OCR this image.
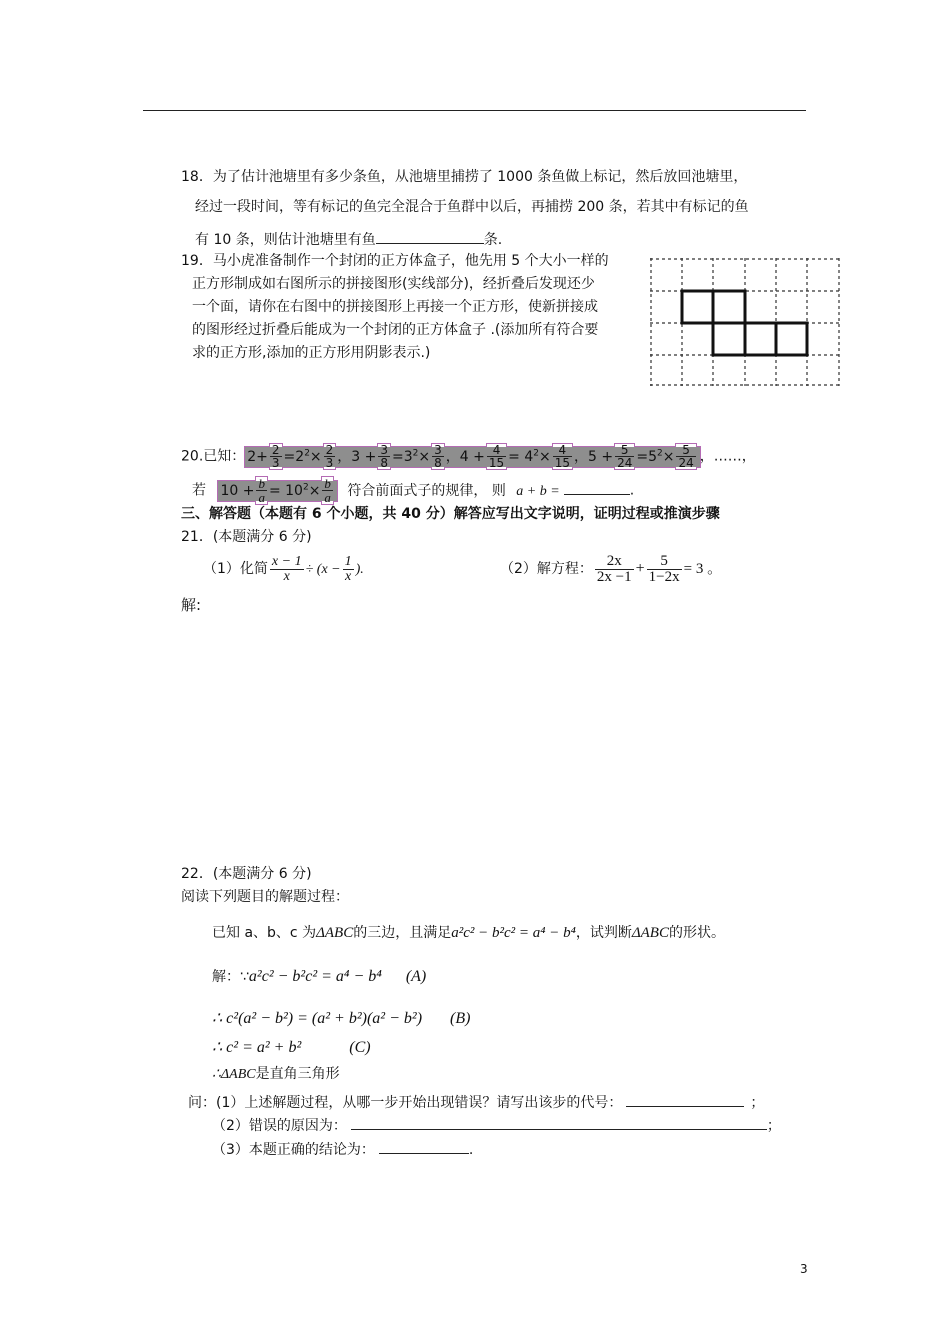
18．为了估计池塘里有多少条鱼，从池塘里捕捞了 1000 条鱼做上标记，然后放回池塘里，
经过一段时间，等有标记的鱼完全混合于鱼群中以后，再捕捞 200 条，若其中有标记的鱼
有 10 条，则估计池塘里有鱼	条.
19．马小虎准备制作一个封闭的正方体盒子，他先用 5 个大小一样的
正方形制成如右图所示的拼接图形(实线部分)，经折叠后发现还少
一个面，请你在右图中的拼接图形上再接一个正方形，使新拼接成
的图形经过折叠后能成为一个封闭的正方体盒子 .(添加所有符合要
求的正方形,添加的正方形用阴影表示.)
20.已知： $2+ \frac{2}{3} =2^2\times \frac{2}{3}$ ，$3 + \frac{3}{8} =3^2\times \frac{3}{8}$ ，$4 + \frac{4}{15} = 4^2\times \frac{4}{15}$ ，$5 + \frac{5}{24} =5^2\times \frac{5}{24}$ ，……，
若 $10 + \frac{b}{a} = 10^2\times \frac{b}{a}$ 符合前面式子的规律， 则 a + b =	.
三、解答题（本题有 6 个小题，共 40 分）解答应写出文字说明，证明过程或推演步骤
21．(本题满分 6 分)
（1）化简 $\frac{x - 1}{x} \div (x - \frac{1}{x}$ ).	（2）解方程： $\frac{2x}{2x -1} + \frac{5}{1-2x} = 3$ 。
解:
22．(本题满分 6 分)
阅读下列题目的解题过程：
已知 a、b、c 为ΔABC的三边，且满足a²c² − b²c² = a⁴ − b⁴，试判断ΔABC的形状。
解：∵a²c² − b²c² = a⁴ − b⁴ (A)
∴ c²(a² − b²) = (a² + b²)(a² − b²) (B)
∴ c² = a² + b²	(C)
∴ΔABC是直角三角形
问：(1）上述解题过程，从哪一步开始出现错误？请写出该步的代号：	；
（2）错误的原因为：	；
（3）本题正确的结论为：	.
3
